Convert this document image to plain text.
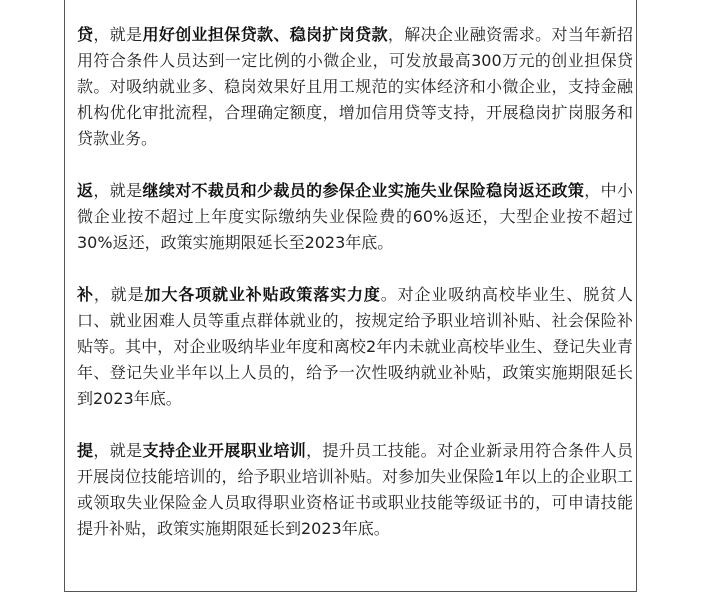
贷，就是用好创业担保贷款、稳岗扩岗贷款，解决企业融资需求。对当年新招用符合条件人员达到一定比例的小微企业，可发放最高300万元的创业担保贷款。对吸纳就业多、稳岗效果好且用工规范的实体经济和小微企业，支持金融机构优化审批流程，合理确定额度，增加信用贷等支持，开展稳岗扩岗服务和贷款业务。

返，就是继续对不裁员和少裁员的参保企业实施失业保险稳岗返还政策，中小微企业按不超过上年度实际缴纳失业保险费的60%返还，大型企业按不超过30%返还，政策实施期限延长至2023年底。

补，就是加大各项就业补贴政策落实力度。对企业吸纳高校毕业生、脱贫人口、就业困难人员等重点群体就业的，按规定给予职业培训补贴、社会保险补贴等。其中，对企业吸纳毕业年度和离校2年内未就业高校毕业生、登记失业青年、登记失业半年以上人员的，给予一次性吸纳就业补贴，政策实施期限延长到2023年底。

提，就是支持企业开展职业培训，提升员工技能。对企业新录用符合条件人员开展岗位技能培训的，给予职业培训补贴。对参加失业保险1年以上的企业职工或领取失业保险金人员取得职业资格证书或职业技能等级证书的，可申请技能提升补贴，政策实施期限延长到2023年底。
